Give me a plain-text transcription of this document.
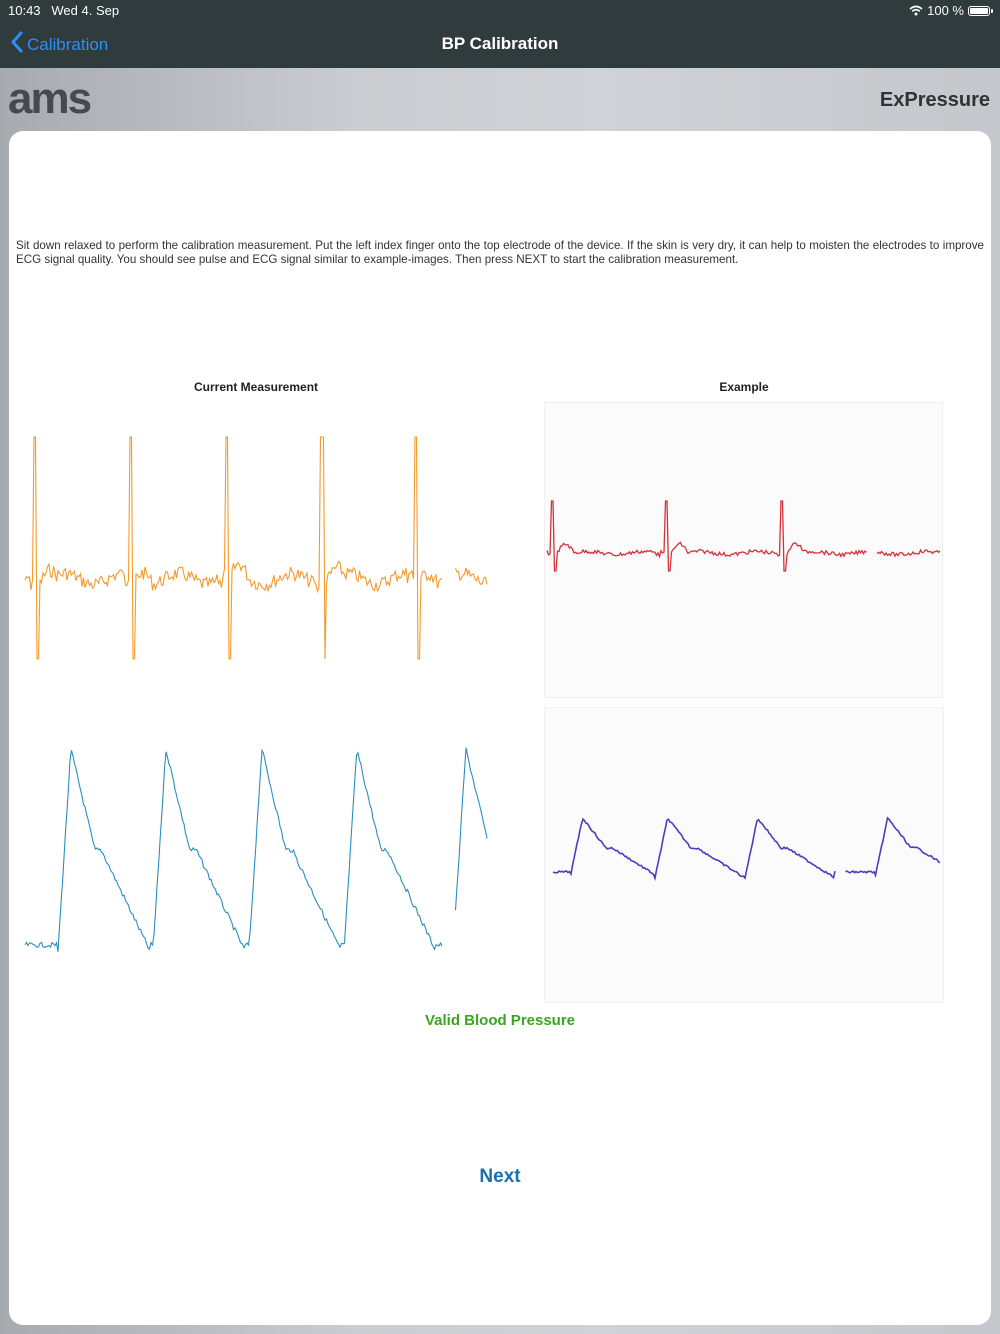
10:43 Wed 4. Sep	100 %
Calibration	BP Calibration
ams	ExPressure
Sit down relaxed to perform the calibration measurement. Put the left index finger onto the top electrode of the device. If the skin is very dry, it can help to moisten the electrodes to improve ECG signal quality. You should see pulse and ECG signal similar to example-images. Then press NEXT to start the calibration measurement.
Current Measurement	Example
Valid Blood Pressure
Next
